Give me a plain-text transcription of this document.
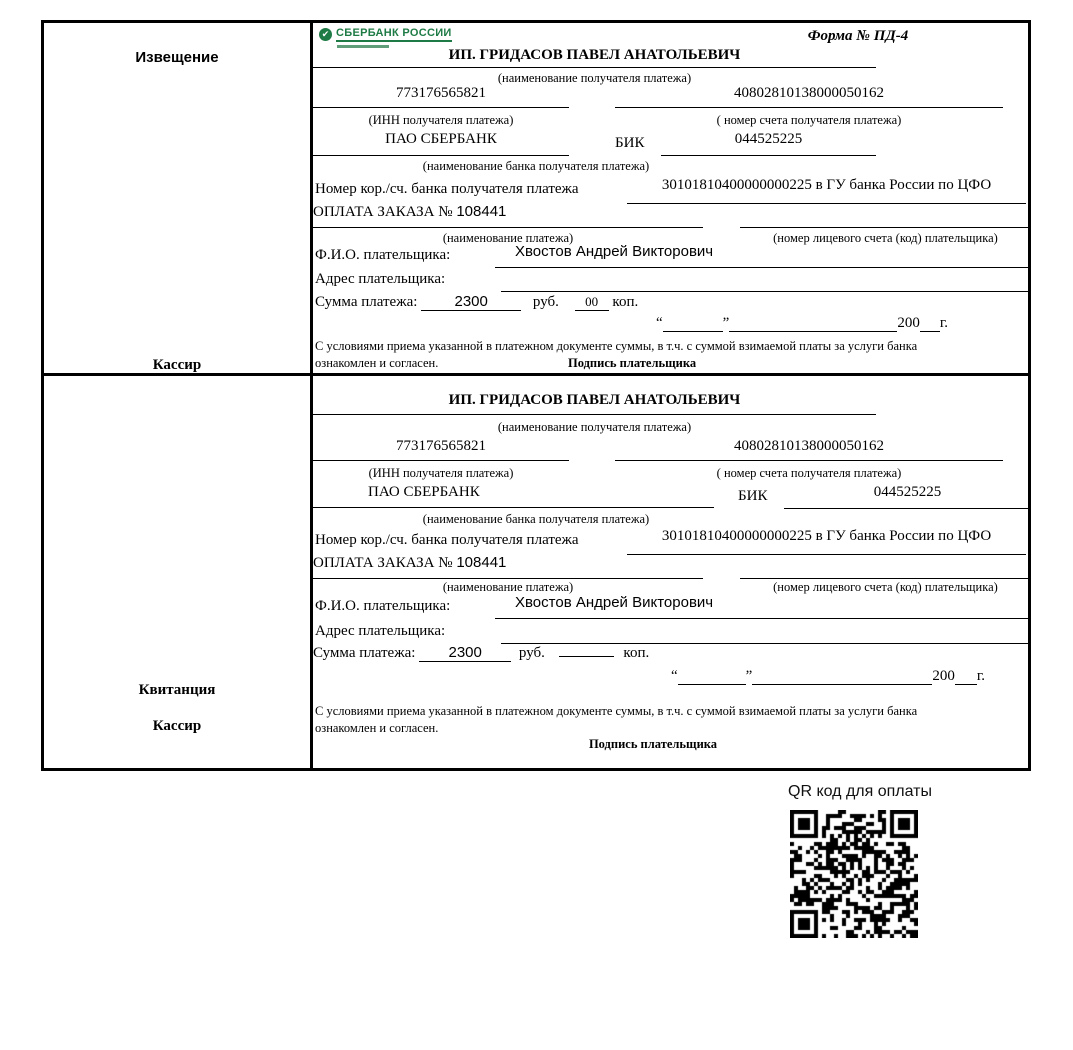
Извещение
Кассир
✔ СБЕРБАНК РОССИИ	Форма № ПД-4
ИП. ГРИДАСОВ ПАВЕЛ АНАТОЛЬЕВИЧ
(наименование получателя платежа)
773176565821	40802810138000050162
(ИНН получателя платежа)	( номер счета получателя платежа)
ПАО СБЕРБАНК	БИК	044525225
(наименование банка получателя платежа)
Номер кор./сч. банка получателя платежа	30101810400000000225 в ГУ банка России по ЦФО
ОПЛАТА ЗАКАЗА № 108441
(наименование платежа)	(номер лицевого счета (код) плательщика)
Ф.И.О. плательщика:	Хвостов Андрей Викторович
Адрес плательщика:
Сумма платежа: 2300	руб. 00 коп.
“	”	200 г.
С условиями приема указанной в платежном документе суммы, в т.ч. с суммой взимаемой платы за услуги банка ознакомлен и согласен.	Подпись плательщика
Квитанция
Кассир
ИП. ГРИДАСОВ ПАВЕЛ АНАТОЛЬЕВИЧ
(наименование получателя платежа)
773176565821	40802810138000050162
(ИНН получателя платежа)	( номер счета получателя платежа)
ПАО СБЕРБАНК	БИК	044525225
(наименование банка получателя платежа)
Номер кор./сч. банка получателя платежа	30101810400000000225 в ГУ банка России по ЦФО
ОПЛАТА ЗАКАЗА № 108441
(наименование платежа)	(номер лицевого счета (код) плательщика)
Ф.И.О. плательщика:	Хвостов Андрей Викторович
Адрес плательщика:
Сумма платежа: 2300 руб.	коп.
“	”	200 г.
С условиями приема указанной в платежном документе суммы, в т.ч. с суммой взимаемой платы за услуги банка ознакомлен и согласен.
Подпись плательщика
QR код для оплаты
